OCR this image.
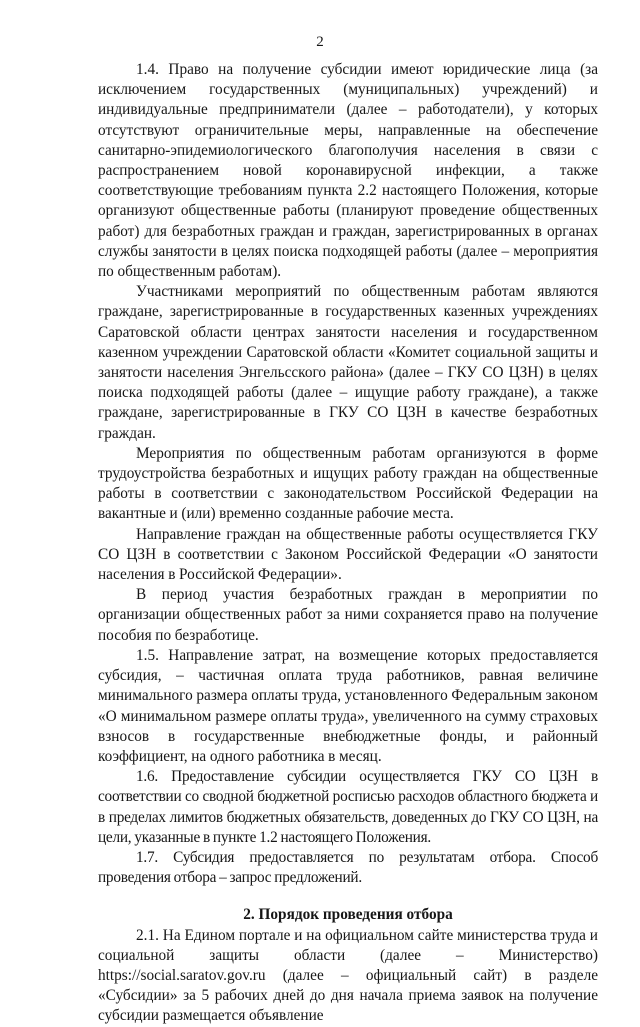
2

1.4. Право на получение субсидии имеют юридические лица (за исключением государственных (муниципальных) учреждений) и индивидуальные предприниматели (далее – работодатели), у которых отсутствуют ограничительные меры, направленные на обеспечение санитарно-эпидемиологического благополучия населения в связи с распространением новой коронавирусной инфекции, а также соответствующие требованиям пункта 2.2 настоящего Положения, которые организуют общественные работы (планируют проведение общественных работ) для безработных граждан и граждан, зарегистрированных в органах службы занятости в целях поиска подходящей работы (далее – мероприятия по общественным работам).

Участниками мероприятий по общественным работам являются граждане, зарегистрированные в государственных казенных учреждениях Саратовской области центрах занятости населения и государственном казенном учреждении Саратовской области «Комитет социальной защиты и занятости населения Энгельсского района» (далее – ГКУ СО ЦЗН) в целях поиска подходящей работы (далее – ищущие работу граждане), а также граждане, зарегистрированные в ГКУ СО ЦЗН в качестве безработных граждан.

Мероприятия по общественным работам организуются в форме трудоустройства безработных и ищущих работу граждан на общественные работы в соответствии с законодательством Российской Федерации на вакантные и (или) временно созданные рабочие места.

Направление граждан на общественные работы осуществляется ГКУ СО ЦЗН в соответствии с Законом Российской Федерации «О занятости населения в Российской Федерации».

В период участия безработных граждан в мероприятии по организации общественных работ за ними сохраняется право на получение пособия по безработице.

1.5. Направление затрат, на возмещение которых предоставляется субсидия, – частичная оплата труда работников, равная величине минимального размера оплаты труда, установленного Федеральным законом «О минимальном размере оплаты труда», увеличенного на сумму страховых взносов в государственные внебюджетные фонды, и районный коэффициент, на одного работника в месяц.

1.6. Предоставление субсидии осуществляется ГКУ СО ЦЗН в соответствии со сводной бюджетной росписью расходов областного бюджета и в пределах лимитов бюджетных обязательств, доведенных до ГКУ СО ЦЗН, на цели, указанные в пункте 1.2 настоящего Положения.

1.7. Субсидия предоставляется по результатам отбора. Способ проведения отбора – запрос предложений.

2. Порядок проведения отбора

2.1. На Едином портале и на официальном сайте министерства труда и социальной защиты области (далее – Министерство) https://social.saratov.gov.ru (далее – официальный сайт) в разделе «Субсидии» за 5 рабочих дней до дня начала приема заявок на получение субсидии размещается объявление
